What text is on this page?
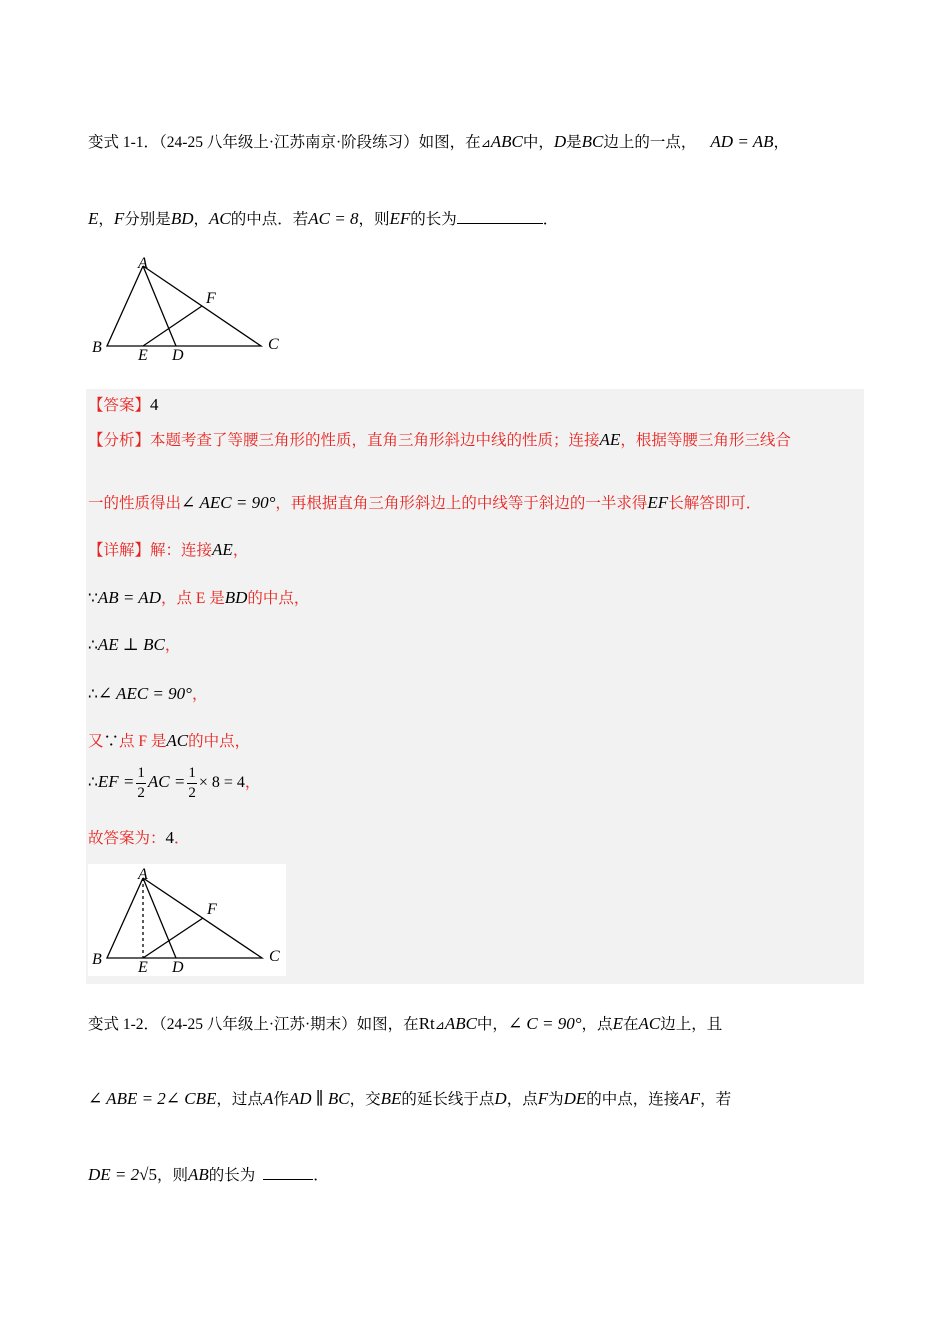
变式 1-1．（24-25 八年级上·江苏南京·阶段练习）如图，在⊿ABC中，D是BC边上的一点， AD = AB，
E，F分别是BD，AC的中点．若AC = 8，则EF的长为	．
A
B	C
D
E
F
【答案】4
【分析】本题考查了等腰三角形的性质，直角三角形斜边中线的性质；连接AE，根据等腰三角形三线合
一的性质得出∠ AEC = 90°，再根据直角三角形斜边上的中线等于斜边的一半求得EF长解答即可．
【详解】解：连接AE，
∵AB = AD，点 E 是BD的中点，
∴AE ⊥ BC，
∴∠ AEC = 90°，
又∵点 F 是AC的中点，
∴EF = $\frac{1}{2}$ AC = $\frac{1}{2} \times 8 = 4$，
故答案为：4．
A
B	C
D
E
F
变式 1-2．（24-25 八年级上·江苏·期末）如图，在Rt⊿ABC中，∠ C = 90°，点E在AC边上，且
∠ ABE = 2∠ CBE，过点A作AD ∥ BC，交BE的延长线于点D，点F为DE的中点，连接AF，若
DE = 2√5，则AB的长为	．
